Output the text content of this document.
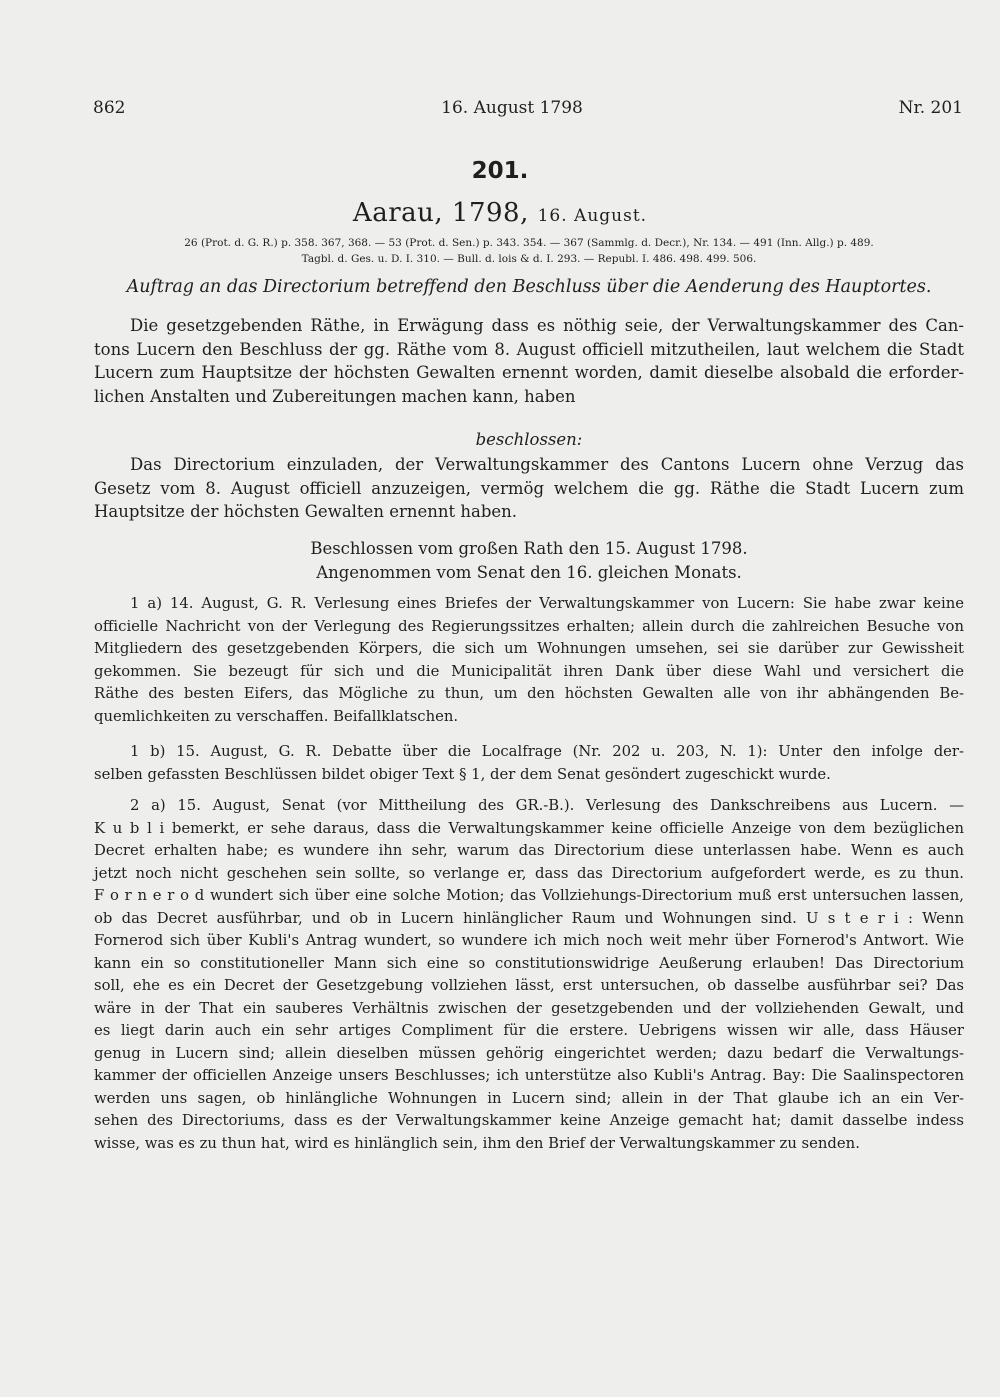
862	16. August 1798	Nr. 201
201.
Aarau, 1798, 16. August.
26 (Prot. d. G. R.) p. 358. 367, 368. — 53 (Prot. d. Sen.) p. 343. 354. — 367 (Sammlg. d. Decr.), Nr. 134. — 491 (Inn. Allg.) p. 489.
Tagbl. d. Ges. u. D. I. 310. — Bull. d. lois & d. I. 293. — Republ. I. 486. 498. 499. 506.
Auftrag an das Directorium betreffend den Beschluss über die Aenderung des Hauptortes.
Die gesetzgebenden Räthe, in Erwägung dass es nöthig seie, der Verwaltungskammer des Can-
tons Lucern den Beschluss der gg. Räthe vom 8. August officiell mitzutheilen, laut welchem die Stadt
Lucern zum Hauptsitze der höchsten Gewalten ernennt worden, damit dieselbe alsobald die erforder-
lichen Anstalten und Zubereitungen machen kann, haben
beschlossen:
Das Directorium einzuladen, der Verwaltungskammer des Cantons Lucern ohne Verzug das
Gesetz vom 8. August officiell anzuzeigen, vermög welchem die gg. Räthe die Stadt Lucern zum
Hauptsitze der höchsten Gewalten ernennt haben.
Beschlossen vom großen Rath den 15. August 1798.
Angenommen vom Senat den 16. gleichen Monats.
1 a) 14. August, G. R. Verlesung eines Briefes der Verwaltungskammer von Lucern: Sie habe zwar keine
officielle Nachricht von der Verlegung des Regierungssitzes erhalten; allein durch die zahlreichen Besuche von
Mitgliedern des gesetzgebenden Körpers, die sich um Wohnungen umsehen, sei sie darüber zur Gewissheit
gekommen. Sie bezeugt für sich und die Municipalität ihren Dank über diese Wahl und versichert die
Räthe des besten Eifers, das Mögliche zu thun, um den höchsten Gewalten alle von ihr abhängenden Be-
quemlichkeiten zu verschaffen. Beifallklatschen.
1 b) 15. August, G. R. Debatte über die Localfrage (Nr. 202 u. 203, N. 1): Unter den infolge der-
selben gefassten Beschlüssen bildet obiger Text § 1, der dem Senat gesöndert zugeschickt wurde.
2 a) 15. August, Senat (vor Mittheilung des GR.-B.). Verlesung des Dankschreibens aus Lucern. —
K u b l i bemerkt, er sehe daraus, dass die Verwaltungskammer keine officielle Anzeige von dem bezüglichen
Decret erhalten habe; es wundere ihn sehr, warum das Directorium diese unterlassen habe. Wenn es auch
jetzt noch nicht geschehen sein sollte, so verlange er, dass das Directorium aufgefordert werde, es zu thun.
F o r n e r o d wundert sich über eine solche Motion; das Vollziehungs-Directorium muß erst untersuchen lassen,
ob das Decret ausführbar, und ob in Lucern hinlänglicher Raum und Wohnungen sind. U s t e r i : Wenn
Fornerod sich über Kubli's Antrag wundert, so wundere ich mich noch weit mehr über Fornerod's Antwort. Wie
kann ein so constitutioneller Mann sich eine so constitutionswidrige Aeußerung erlauben! Das Directorium
soll, ehe es ein Decret der Gesetzgebung vollziehen lässt, erst untersuchen, ob dasselbe ausführbar sei? Das
wäre in der That ein sauberes Verhältnis zwischen der gesetzgebenden und der vollziehenden Gewalt, und
es liegt darin auch ein sehr artiges Compliment für die erstere. Uebrigens wissen wir alle, dass Häuser
genug in Lucern sind; allein dieselben müssen gehörig eingerichtet werden; dazu bedarf die Verwaltungs-
kammer der officiellen Anzeige unsers Beschlusses; ich unterstütze also Kubli's Antrag. Bay: Die Saalinspectoren
werden uns sagen, ob hinlängliche Wohnungen in Lucern sind; allein in der That glaube ich an ein Ver-
sehen des Directoriums, dass es der Verwaltungskammer keine Anzeige gemacht hat; damit dasselbe indess
wisse, was es zu thun hat, wird es hinlänglich sein, ihm den Brief der Verwaltungskammer zu senden.
